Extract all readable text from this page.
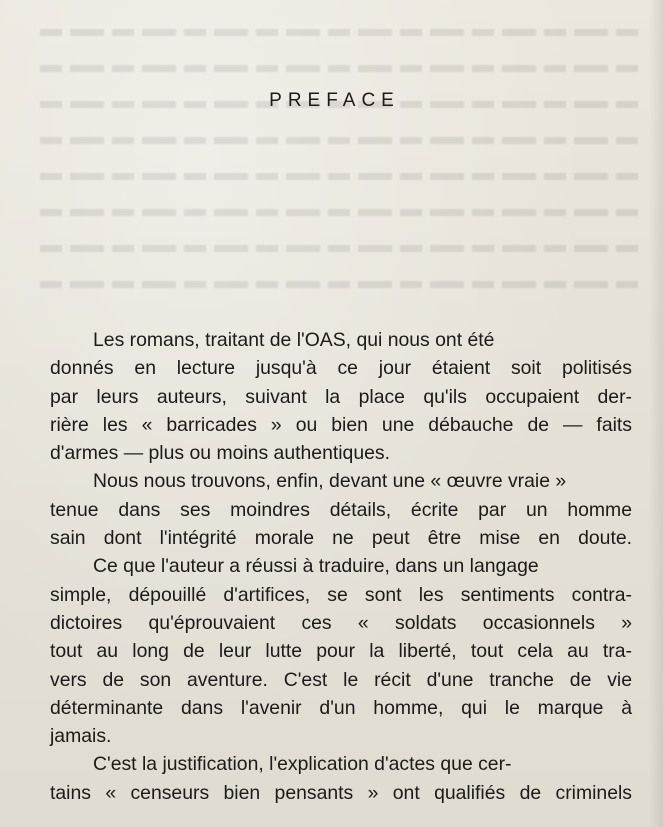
PREFACE
Les romans, traitant de l'OAS, qui nous ont été
donnés en lecture jusqu'à ce jour étaient soit politisés
par leurs auteurs, suivant la place qu'ils occupaient der-
rière les « barricades » ou bien une débauche de — faits
d'armes — plus ou moins authentiques.
Nous nous trouvons, enfin, devant une « œuvre vraie »
tenue dans ses moindres détails, écrite par un homme
sain dont l'intégrité morale ne peut être mise en doute.
Ce que l'auteur a réussi à traduire, dans un langage
simple, dépouillé d'artifices, se sont les sentiments contra-
dictoires qu'éprouvaient ces « soldats occasionnels »
tout au long de leur lutte pour la liberté, tout cela au tra-
vers de son aventure. C'est le récit d'une tranche de vie
déterminante dans l'avenir d'un homme, qui le marque à
jamais.
C'est la justification, l'explication d'actes que cer-
tains « censeurs bien pensants » ont qualifiés de criminels
